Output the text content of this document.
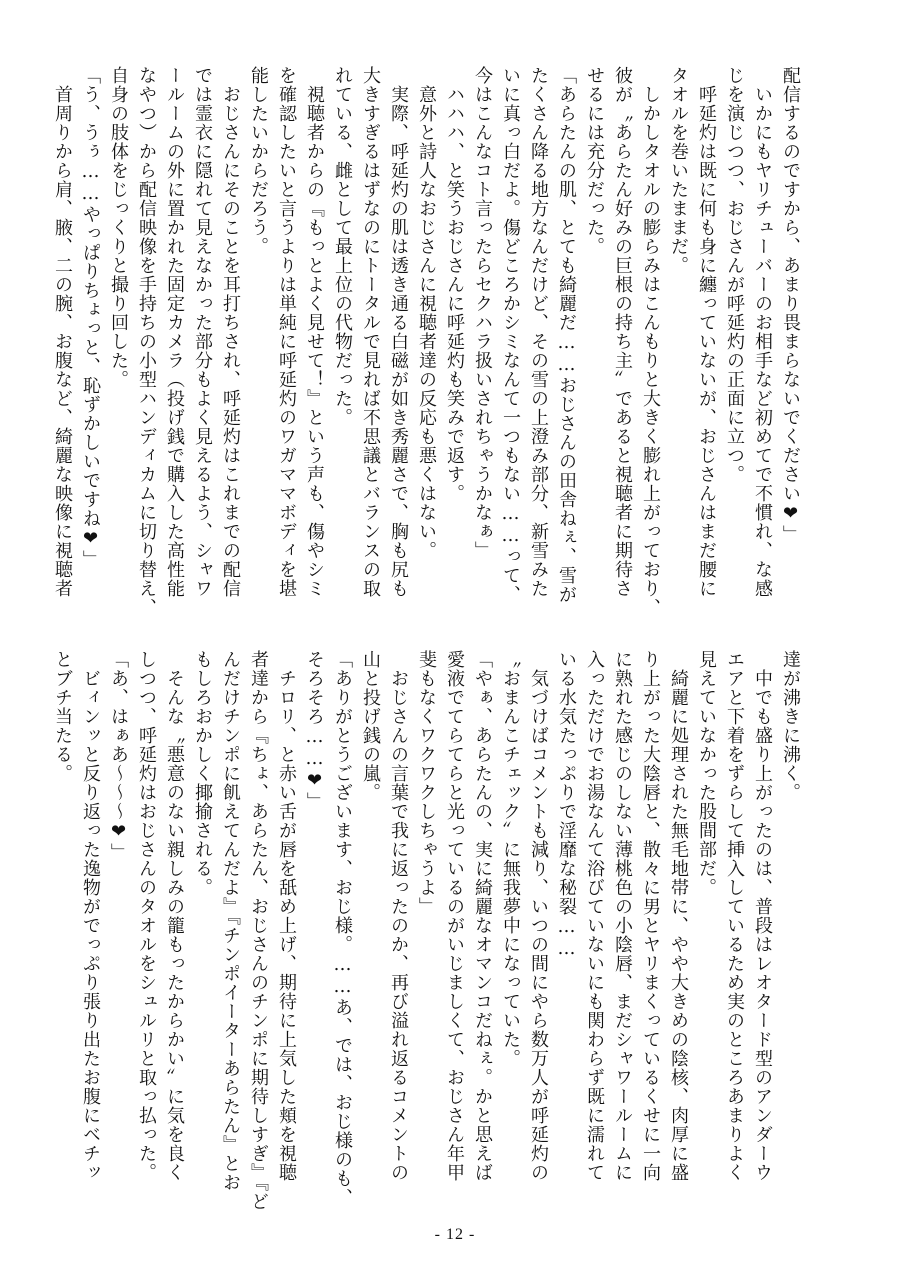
配信するのですから、あまり畏まらないでください❤」
　いかにもヤリチューバーのお相手など初めてで不慣れ、な感
じを演じつつ、おじさんが呼延灼の正面に立つ。
　呼延灼は既に何も身に纏っていないが、おじさんはまだ腰に
タオルを巻いたままだ。
　しかしタオルの膨らみはこんもりと大きく膨れ上がっており、
彼が〝あらたん好みの巨根の持ち主〟であると視聴者に期待さ
せるには充分だった。
「あらたんの肌、とても綺麗だ……おじさんの田舎ねぇ、雪が
たくさん降る地方なんだけど、その雪の上澄み部分、新雪みた
いに真っ白だよ。傷どころかシミなんて一つもない……って、
今はこんなコト言ったらセクハラ扱いされちゃうかなぁ」
　ハハハ、と笑うおじさんに呼延灼も笑みで返す。
　意外と詩人なおじさんに視聴者達の反応も悪くはない。
　実際、呼延灼の肌は透き通る白磁が如き秀麗さで、胸も尻も
大きすぎるはずなのにトータルで見れば不思議とバランスの取
れている、雌として最上位の代物だった。
　視聴者からの『もっとよく見せて！』という声も、傷やシミ
を確認したいと言うよりは単純に呼延灼のワガママボディを堪
能したいからだろう。
　おじさんにそのことを耳打ちされ、呼延灼はこれまでの配信
では霊衣に隠れて見えなかった部分もよく見えるよう、シャワ
ールームの外に置かれた固定カメラ（投げ銭で購入した高性能
なやつ）から配信映像を手持ちの小型ハンディカムに切り替え、
自身の肢体をじっくりと撮り回した。
「う、うぅ……やっぱりちょっと、恥ずかしいですね❤」
　首周りから肩、腋、二の腕、お腹など、綺麗な映像に視聴者
達が沸きに沸く。
　中でも盛り上がったのは、普段はレオタード型のアンダーウ
エアと下着をずらして挿入しているため実のところあまりよく
見えていなかった股間部だ。
　綺麗に処理された無毛地帯に、やや大きめの陰核、肉厚に盛
り上がった大陰唇と、散々に男とヤリまくっているくせに一向
に熟れた感じのしない薄桃色の小陰唇、まだシャワールームに
入っただけでお湯なんて浴びていないにも関わらず既に濡れて
いる水気たっぷりで淫靡な秘裂……
　気づけばコメントも減り、いつの間にやら数万人が呼延灼の
〝おまんこチェック〟に無我夢中になっていた。
「やぁ、あらたんの、実に綺麗なオマンコだねぇ。かと思えば
愛液でてらてらと光っているのがいじましくて、おじさん年甲
斐もなくワクワクしちゃうよ」
　おじさんの言葉で我に返ったのか、再び溢れ返るコメントの
山と投げ銭の嵐。
「ありがとうございます、おじ様。……あ、では、おじ様のも、
そろそろ……❤」
　チロリ、と赤い舌が唇を舐め上げ、期待に上気した頬を視聴
者達から『ちょ、あらたん、おじさんのチンポに期待しすぎ』『ど
んだけチンポに飢えてんだよ』『チンポイーターあらたん』とお
もしろおかしく揶揄される。
　そんな〝悪意のない親しみの籠もったからかい〟に気を良く
しつつ、呼延灼はおじさんのタオルをシュルリと取っ払った。
「あ、はぁあ〜〜〜❤」
　ビィンッと反り返った逸物がでっぷり張り出たお腹にベチッ
とブチ当たる。
- 12 -
